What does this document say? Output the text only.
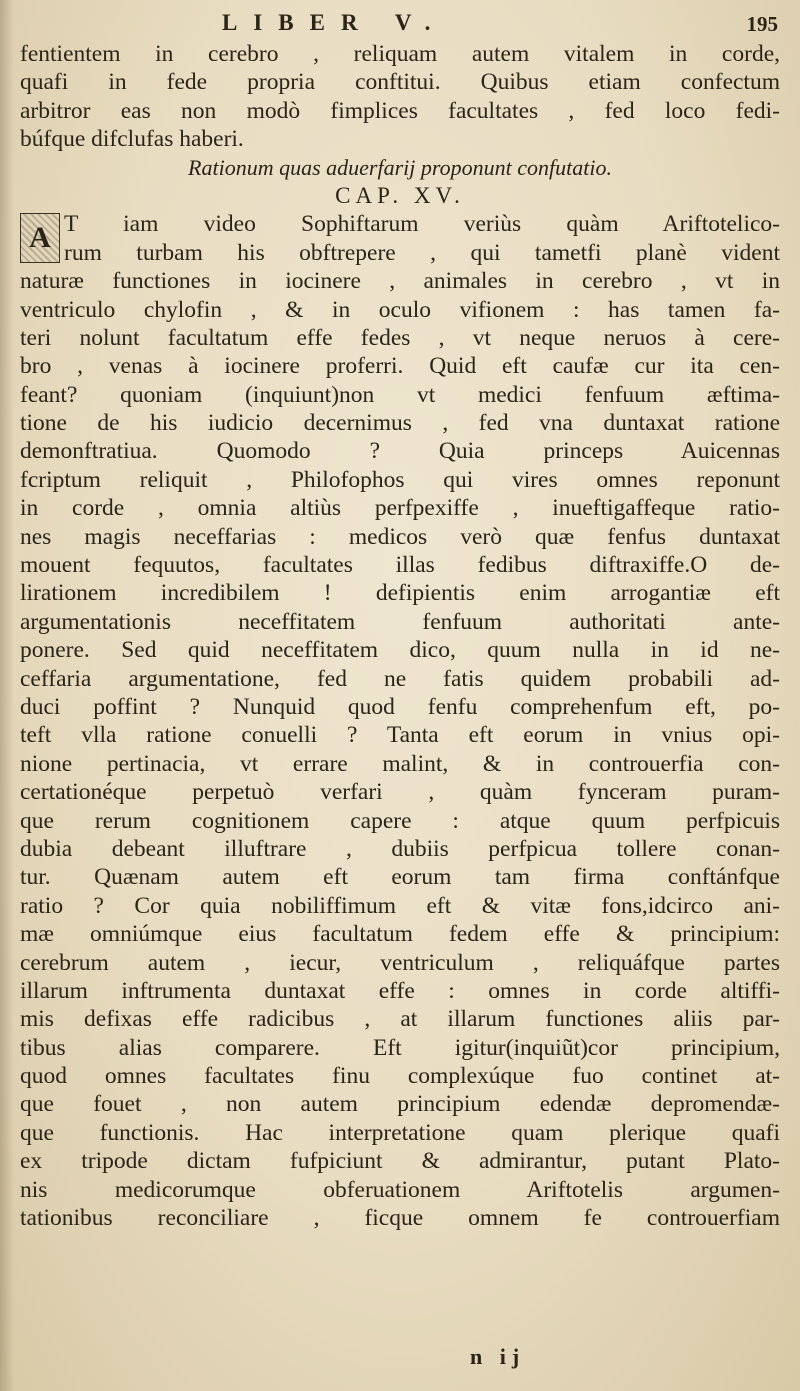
LIBER V.	195
fentientem in cerebro , reliquam autem vitalem in corde,
quafi in fede propria conftitui. Quibus etiam confectum
arbitror eas non modò fimplices facultates , fed loco fedi-
búfque difclufas haberi.
Rationum quas aduerfarij proponunt confutatio.
CAP. XV.
A T iam video Sophiftarum veriùs quàm Ariftotelico-
rum turbam his obftrepere , qui tametfi planè vident
naturæ functiones in iocinere , animales in cerebro , vt in
ventriculo chylofin , & in oculo vifionem : has tamen fa-
teri nolunt facultatum effe fedes , vt neque neruos à cere-
bro , venas à iocinere proferri. Quid eft caufæ cur ita cen-
feant? quoniam (inquiunt)non vt medici fenfuum æftima-
tione de his iudicio decernimus , fed vna duntaxat ratione
demonftratiua. Quomodo ? Quia princeps Auicennas
fcriptum reliquit , Philofophos qui vires omnes reponunt
in corde , omnia altiùs perfpexiffe , inueftigaffeque ratio-
nes magis neceffarias : medicos verò quæ fenfus duntaxat
mouent fequutos, facultates illas fedibus diftraxiffe.O de-
lirationem incredibilem ! defipientis enim arrogantiæ eft
argumentationis neceffitatem fenfuum authoritati ante-
ponere. Sed quid neceffitatem dico, quum nulla in id ne-
ceffaria argumentatione, fed ne fatis quidem probabili ad-
duci poffint ? Nunquid quod fenfu comprehenfum eft, po-
teft vlla ratione conuelli ? Tanta eft eorum in vnius opi-
nione pertinacia, vt errare malint, & in controuerfia con-
certationéque perpetuò verfari , quàm fynceram puram-
que rerum cognitionem capere : atque quum perfpicuis
dubia debeant illuftrare , dubiis perfpicua tollere conan-
tur. Quænam autem eft eorum tam firma conftánfque
ratio ? Cor quia nobiliffimum eft & vitæ fons,idcirco ani-
mæ omniúmque eius facultatum fedem effe & principium:
cerebrum autem , iecur, ventriculum , reliquáfque partes
illarum inftrumenta duntaxat effe : omnes in corde altiffi-
mis defixas effe radicibus , at illarum functiones aliis par-
tibus alias comparere. Eft igitur(inquiũt)cor principium,
quod omnes facultates finu complexúque fuo continet at-
que fouet , non autem principium edendæ depromendæ-
que functionis. Hac interpretatione quam plerique quafi
ex tripode dictam fufpiciunt & admirantur, putant Plato-
nis medicorumque obferuationem Ariftotelis argumen-
tationibus reconciliare , ficque omnem fe controuerfiam
n ij
